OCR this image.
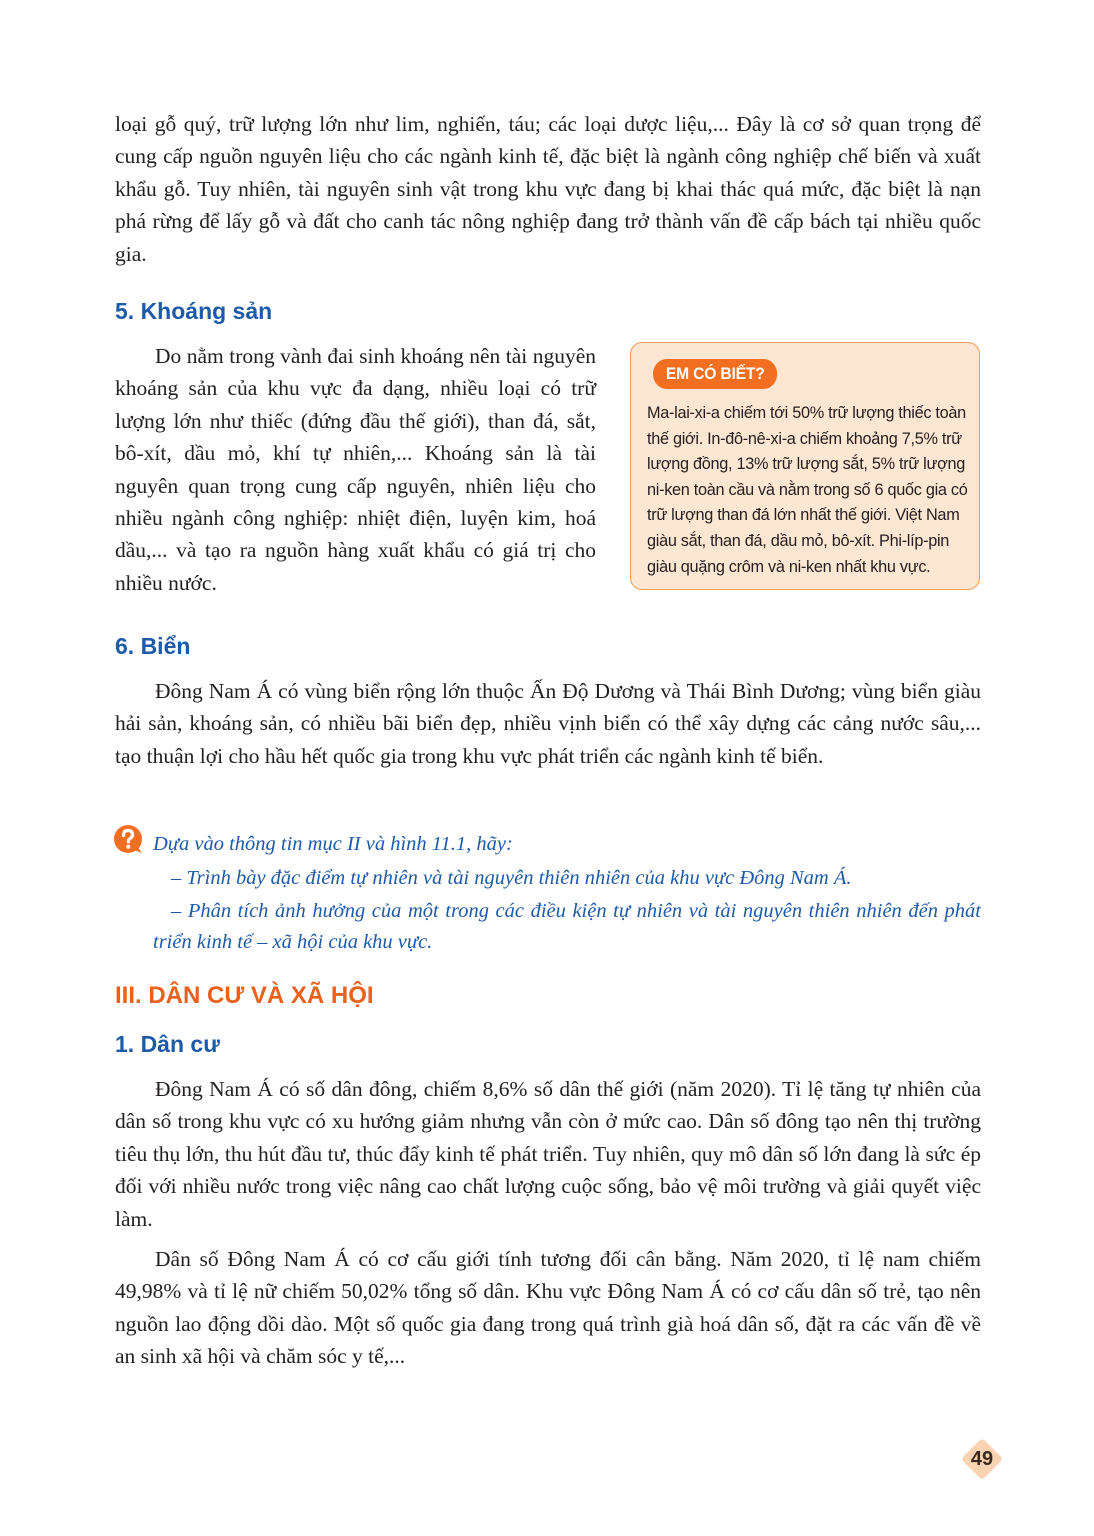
loại gỗ quý, trữ lượng lớn như lim, nghiến, táu; các loại dược liệu,... Đây là cơ sở quan trọng để cung cấp nguồn nguyên liệu cho các ngành kinh tế, đặc biệt là ngành công nghiệp chế biến và xuất khẩu gỗ. Tuy nhiên, tài nguyên sinh vật trong khu vực đang bị khai thác quá mức, đặc biệt là nạn phá rừng để lấy gỗ và đất cho canh tác nông nghiệp đang trở thành vấn đề cấp bách tại nhiều quốc gia.

5. Khoáng sản

Do nằm trong vành đai sinh khoáng nên tài nguyên khoáng sản của khu vực đa dạng, nhiều loại có trữ lượng lớn như thiếc (đứng đầu thế giới), than đá, sắt, bô-xít, dầu mỏ, khí tự nhiên,... Khoáng sản là tài nguyên quan trọng cung cấp nguyên, nhiên liệu cho nhiều ngành công nghiệp: nhiệt điện, luyện kim, hoá dầu,... và tạo ra nguồn hàng xuất khẩu có giá trị cho nhiều nước.

EM CÓ BIẾT?

Ma-lai-xi-a chiếm tới 50% trữ lượng thiếc toàn thế giới. In-đô-nê-xi-a chiếm khoảng 7,5% trữ lượng đồng, 13% trữ lượng sắt, 5% trữ lượng ni-ken toàn cầu và nằm trong số 6 quốc gia có trữ lượng than đá lớn nhất thế giới. Việt Nam giàu sắt, than đá, dầu mỏ, bô-xít. Phi-líp-pin giàu quặng crôm và ni-ken nhất khu vực.

6. Biển

Đông Nam Á có vùng biển rộng lớn thuộc Ấn Độ Dương và Thái Bình Dương; vùng biển giàu hải sản, khoáng sản, có nhiều bãi biển đẹp, nhiều vịnh biển có thể xây dựng các cảng nước sâu,... tạo thuận lợi cho hầu hết quốc gia trong khu vực phát triển các ngành kinh tế biển.

Dựa vào thông tin mục II và hình 11.1, hãy:

– Trình bày đặc điểm tự nhiên và tài nguyên thiên nhiên của khu vực Đông Nam Á.

– Phân tích ảnh hưởng của một trong các điều kiện tự nhiên và tài nguyên thiên nhiên đến phát triển kinh tế – xã hội của khu vực.

III. DÂN CƯ VÀ XÃ HỘI
1. Dân cư

Đông Nam Á có số dân đông, chiếm 8,6% số dân thế giới (năm 2020). Tỉ lệ tăng tự nhiên của dân số trong khu vực có xu hướng giảm nhưng vẫn còn ở mức cao. Dân số đông tạo nên thị trường tiêu thụ lớn, thu hút đầu tư, thúc đẩy kinh tế phát triển. Tuy nhiên, quy mô dân số lớn đang là sức ép đối với nhiều nước trong việc nâng cao chất lượng cuộc sống, bảo vệ môi trường và giải quyết việc làm.

Dân số Đông Nam Á có cơ cấu giới tính tương đối cân bằng. Năm 2020, tỉ lệ nam chiếm 49,98% và tỉ lệ nữ chiếm 50,02% tổng số dân. Khu vực Đông Nam Á có cơ cấu dân số trẻ, tạo nên nguồn lao động dồi dào. Một số quốc gia đang trong quá trình già hoá dân số, đặt ra các vấn đề về an sinh xã hội và chăm sóc y tế,...

49
